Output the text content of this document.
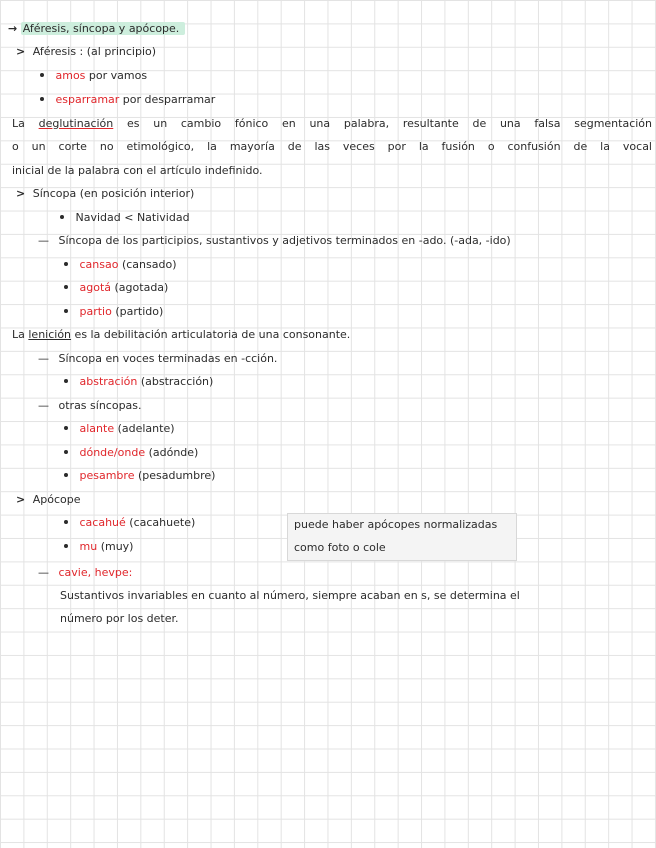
→ Aféresis, síncopa y apócope.
> Aféresis : (al principio)
amos por vamos
esparramar por desparramar
La deglutinación es un cambio fónico en una palabra, resultante de una falsa segmentación
o un corte no etimológico, la mayoría de las veces por la fusión o confusión de la vocal
inicial de la palabra con el artículo indefinido.
> Síncopa (en posición interior)
Navidad < Natividad
— Síncopa de los participios, sustantivos y adjetivos terminados en -ado. (-ada, -ido)
cansao (cansado)
agotá (agotada)
partio (partido)
La lenición es la debilitación articulatoria de una consonante.
— Síncopa en voces terminadas en -cción.
abstración (abstracción)
— otras síncopas.
alante (adelante)
dónde/onde (adónde)
pesambre (pesadumbre)
> Apócope
cacahué (cacahuete)
mu (muy)
puede haber apócopes normalizadas
como foto o cole
— cavie, hevpe:
Sustantivos invariables en cuanto al número, siempre acaban en s, se determina el
número por los deter.
